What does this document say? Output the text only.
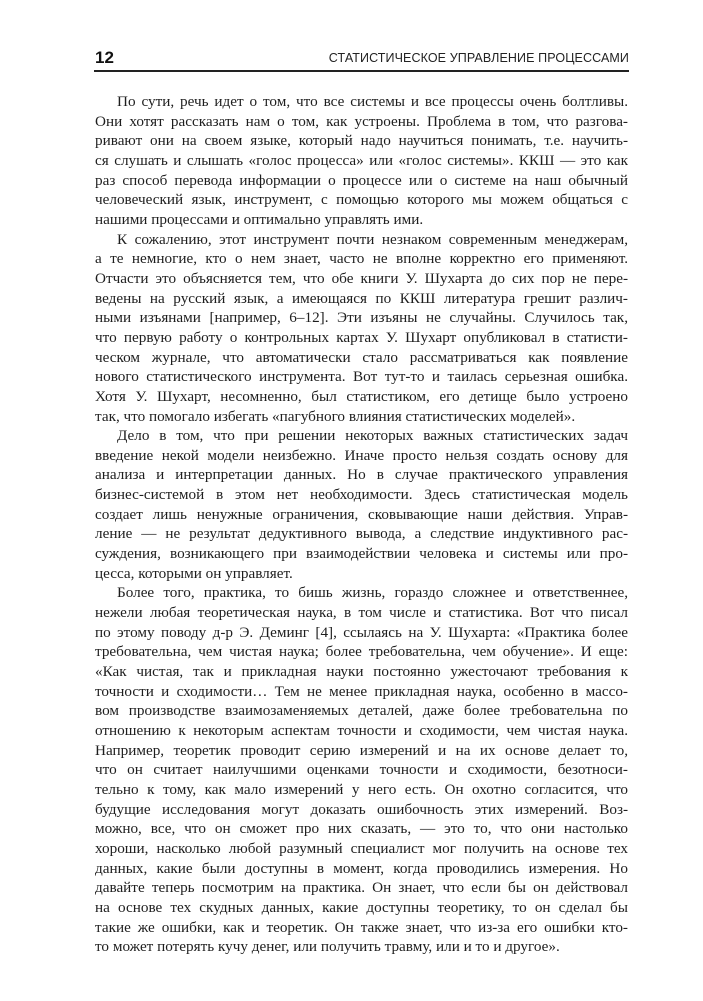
12	СТАТИСТИЧЕСКОЕ УПРАВЛЕНИЕ ПРОЦЕССАМИ
По сути, речь идет о том, что все системы и все процессы очень болтливы.
Они хотят рассказать нам о том, как устроены. Проблема в том, что разгова-
ривают они на своем языке, который надо научиться понимать, т.е. научить-
ся слушать и слышать «голос процесса» или «голос системы». ККШ — это как
раз способ перевода информации о процессе или о системе на наш обычный
человеческий язык, инструмент, с помощью которого мы можем общаться с
нашими процессами и оптимально управлять ими.
К сожалению, этот инструмент почти незнаком современным менеджерам,
а те немногие, кто о нем знает, часто не вполне корректно его применяют.
Отчасти это объясняется тем, что обе книги У. Шухарта до сих пор не пере-
ведены на русский язык, а имеющаяся по ККШ литература грешит различ-
ными изъянами [например, 6–12]. Эти изъяны не случайны. Случилось так,
что первую работу о контрольных картах У. Шухарт опубликовал в статисти-
ческом журнале, что автоматически стало рассматриваться как появление
нового статистического инструмента. Вот тут-то и таилась серьезная ошибка.
Хотя У. Шухарт, несомненно, был статистиком, его детище было устроено
так, что помогало избегать «пагубного влияния статистических моделей».
Дело в том, что при решении некоторых важных статистических задач
введение некой модели неизбежно. Иначе просто нельзя создать основу для
анализа и интерпретации данных. Но в случае практического управления
бизнес-системой в этом нет необходимости. Здесь статистическая модель
создает лишь ненужные ограничения, сковывающие наши действия. Управ-
ление — не результат дедуктивного вывода, а следствие индуктивного рас-
суждения, возникающего при взаимодействии человека и системы или про-
цесса, которыми он управляет.
Более того, практика, то бишь жизнь, гораздо сложнее и ответственнее,
нежели любая теоретическая наука, в том числе и статистика. Вот что писал
по этому поводу д-р Э. Деминг [4], ссылаясь на У. Шухарта: «Практика более
требовательна, чем чистая наука; более требовательна, чем обучение». И еще:
«Как чистая, так и прикладная науки постоянно ужесточают требования к
точности и сходимости… Тем не менее прикладная наука, особенно в массо-
вом производстве взаимозаменяемых деталей, даже более требовательна по
отношению к некоторым аспектам точности и сходимости, чем чистая наука.
Например, теоретик проводит серию измерений и на их основе делает то,
что он считает наилучшими оценками точности и сходимости, безотноси-
тельно к тому, как мало измерений у него есть. Он охотно согласится, что
будущие исследования могут доказать ошибочность этих измерений. Воз-
можно, все, что он сможет про них сказать, — это то, что они настолько
хороши, насколько любой разумный специалист мог получить на основе тех
данных, какие были доступны в момент, когда проводились измерения. Но
давайте теперь посмотрим на практика. Он знает, что если бы он действовал
на основе тех скудных данных, какие доступны теоретику, то он сделал бы
такие же ошибки, как и теоретик. Он также знает, что из-за его ошибки кто-
то может потерять кучу денег, или получить травму, или и то и другое».
